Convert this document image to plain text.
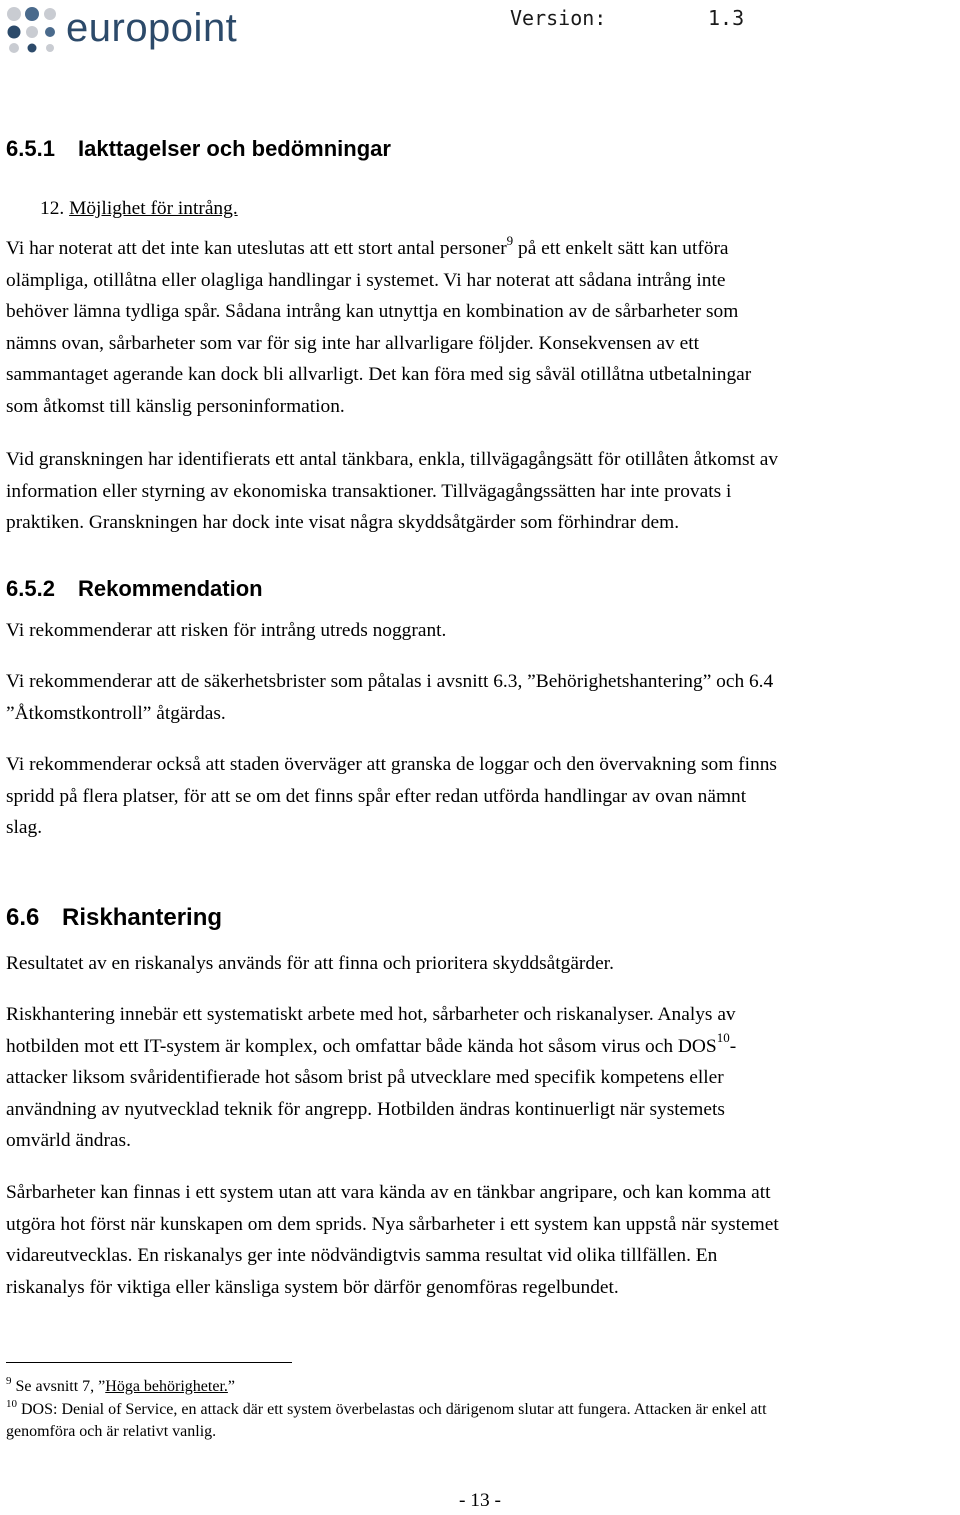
europoint	Version:	1.3
6.5.1 Iakttagelser och bedömningar
12. Möjlighet för intrång.
Vi har noterat att det inte kan uteslutas att ett stort antal personer$^9$ på ett enkelt sätt kan utföra
olämpliga, otillåtna eller olagliga handlingar i systemet. Vi har noterat att sådana intrång inte
behöver lämna tydliga spår. Sådana intrång kan utnyttja en kombination av de sårbarheter som
nämns ovan, sårbarheter som var för sig inte har allvarligare följder. Konsekvensen av ett
sammantaget agerande kan dock bli allvarligt. Det kan föra med sig såväl otillåtna utbetalningar
som åtkomst till känslig personinformation.
Vid granskningen har identifierats ett antal tänkbara, enkla, tillvägagångsätt för otillåten åtkomst av
information eller styrning av ekonomiska transaktioner. Tillvägagångssätten har inte provats i
praktiken. Granskningen har dock inte visat några skyddsåtgärder som förhindrar dem.
6.5.2 Rekommendation
Vi rekommenderar att risken för intrång utreds noggrant.
Vi rekommenderar att de säkerhetsbrister som påtalas i avsnitt 6.3, ”Behörighetshantering” och 6.4
”Åtkomstkontroll” åtgärdas.
Vi rekommenderar också att staden överväger att granska de loggar och den övervakning som finns
spridd på flera platser, för att se om det finns spår efter redan utförda handlingar av ovan nämnt
slag.
6.6 Riskhantering
Resultatet av en riskanalys används för att finna och prioritera skyddsåtgärder.
Riskhantering innebär ett systematiskt arbete med hot, sårbarheter och riskanalyser. Analys av
hotbilden mot ett IT-system är komplex, och omfattar både kända hot såsom virus och DOS$^{10}$-
attacker liksom svåridentifierade hot såsom brist på utvecklare med specifik kompetens eller
användning av nyutvecklad teknik för angrepp. Hotbilden ändras kontinuerligt när systemets
omvärld ändras.
Sårbarheter kan finnas i ett system utan att vara kända av en tänkbar angripare, och kan komma att
utgöra hot först när kunskapen om dem sprids. Nya sårbarheter i ett system kan uppstå när systemet
vidareutvecklas. En riskanalys ger inte nödvändigtvis samma resultat vid olika tillfällen. En
riskanalys för viktiga eller känsliga system bör därför genomföras regelbundet.
$^9$ Se avsnitt 7, ”Höga behörigheter.”
$^{10}$ DOS: Denial of Service, en attack där ett system överbelastas och därigenom slutar att fungera. Attacken är enkel att
genomföra och är relativt vanlig.
- 13 -
